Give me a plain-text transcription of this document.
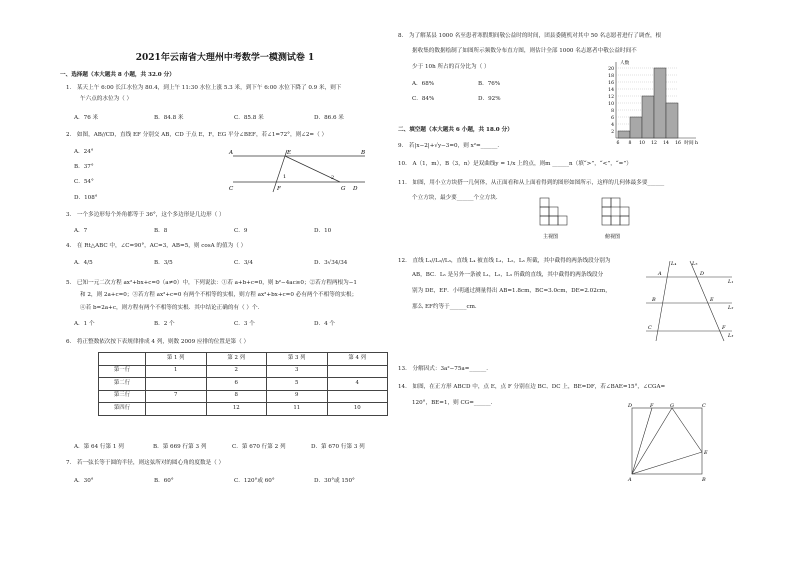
2021年云南省大理州中考数学一模测试卷 1
一、选择题（本大题共 8 小题，共 32.0 分）
1． 某天上午 6:00 长江水位为 80.4，到上午 11:30 水位上涨 5.3 米，到下午 6:00 水位下降了 0.9 米，则下
午六点的水位为（ ）
A．76 米	B．84.8 米	C．85.8 米	D．86.6 米
2． 如图，AB//CD，直线 EF 分别交 AB，CD 于点 E，F，EG 平分∠BEF，若∠1=72°，则∠2=（ ）
A．24°
B．37°
C．54°
D．108°
A	E	B
C	F	G D
1	2
3． 一个多边形每个外角都等于 36°，这个多边形是几边形（ ）
A．7	B．8	C．9	D．10
4． 在 Rt△ABC 中，∠C=90°，AC=3，AB=5，则 cosA 的值为（ ）
A．4/5	B．3/5	C．3/4	D．3√34/34
5． 已知一元二次方程 ax²+bx+c=0（a≠0）中，下列说法：①若 a+b+c=0，则 b²−4ac≥0；②若方程两根为−1
和 2，则 2a+c=0；③若方程 ax²+c=0 有两个不相等的实根，则方程 ax²+bx+c=0 必有两个不相等的实根；
④若 b=2a+c，则方程有两个不相等的实根．其中结论正确的有（ ）个．
A．1 个	B．2 个	C．3 个	D．4 个
6． 将正整数依次按下表规律排成 4 列，则数 2009 应排的位置是第（ ）
	第 1 列	第 2 列	第 3 列	第 4 列
第一行	1	2	3	
第二行		6	5	4
第三行	7	8	9	
第四行		12	11	10
A．第 64 行第 1 列	B．第 669 行第 3 列	C．第 670 行第 2 列	D．第 670 行第 3 列
7． 若一弦长等于圆的半径，则这弦所对的圆心角的度数是（ ）
A．30°	B．60°	C．120°或 60°	D．30°或 150°
8． 为了解某县 1000 名至患者寒假期间敬公益时的时间，团县委随机对其中 50 名志愿者进行了调查，根
据收集的数据绘制了如图所示频数分布直方图，则估计全部 1000 名志愿者中敬公益时间不
少于 10h 所占的百分比为（ ）
A．68%	B．76%
C．84%	D．92%
20
18
16
14
12
10
8
6
4
2
6 8 10 12 14 16
人数
时间 h
二、填空题（本大题共 6 小题，共 18.0 分）
9． 若|x−2|+√y−3=0，则 x²=______．
10． A（1，m），B（3，n）是双曲线y = 1/x 上的点，则m ______n（填“>”，“<”，“=”）
11． 如图，用小立方块搭一几何体，从正面看和从上面看得到的图形如图所示，这样的几何体最多要______
个立方块，最少要______个立方块．
主视图	俯视图
12． 直线 L₁//L₂//L₃，直线 L₄ 被直线 L₁，L₂，L₃ 所截，其中截得的两条线段分别为
AB，BC．L₅ 是另外一条被 L₁，L₂，L₃ 所截的直线，其中截得的两条线段分
别为 DE，EF．小明通过测量得出 AB=1.8cm，BC=3.0cm，DE=2.02cm，
那么 EF约等于______cm．
L₄	L₅
A	D
L₁
B	E
L₂
C	F
L₃
13． 分解因式：3a²−75a=______．
14． 如图，在正方形 ABCD 中，点 E，点 F 分别在边 BC、DC 上，BE=DF，若∠BAE=15°，∠CGA=
120°，BE=1，则 CG=______．	D	F	G	C
E
A	B
